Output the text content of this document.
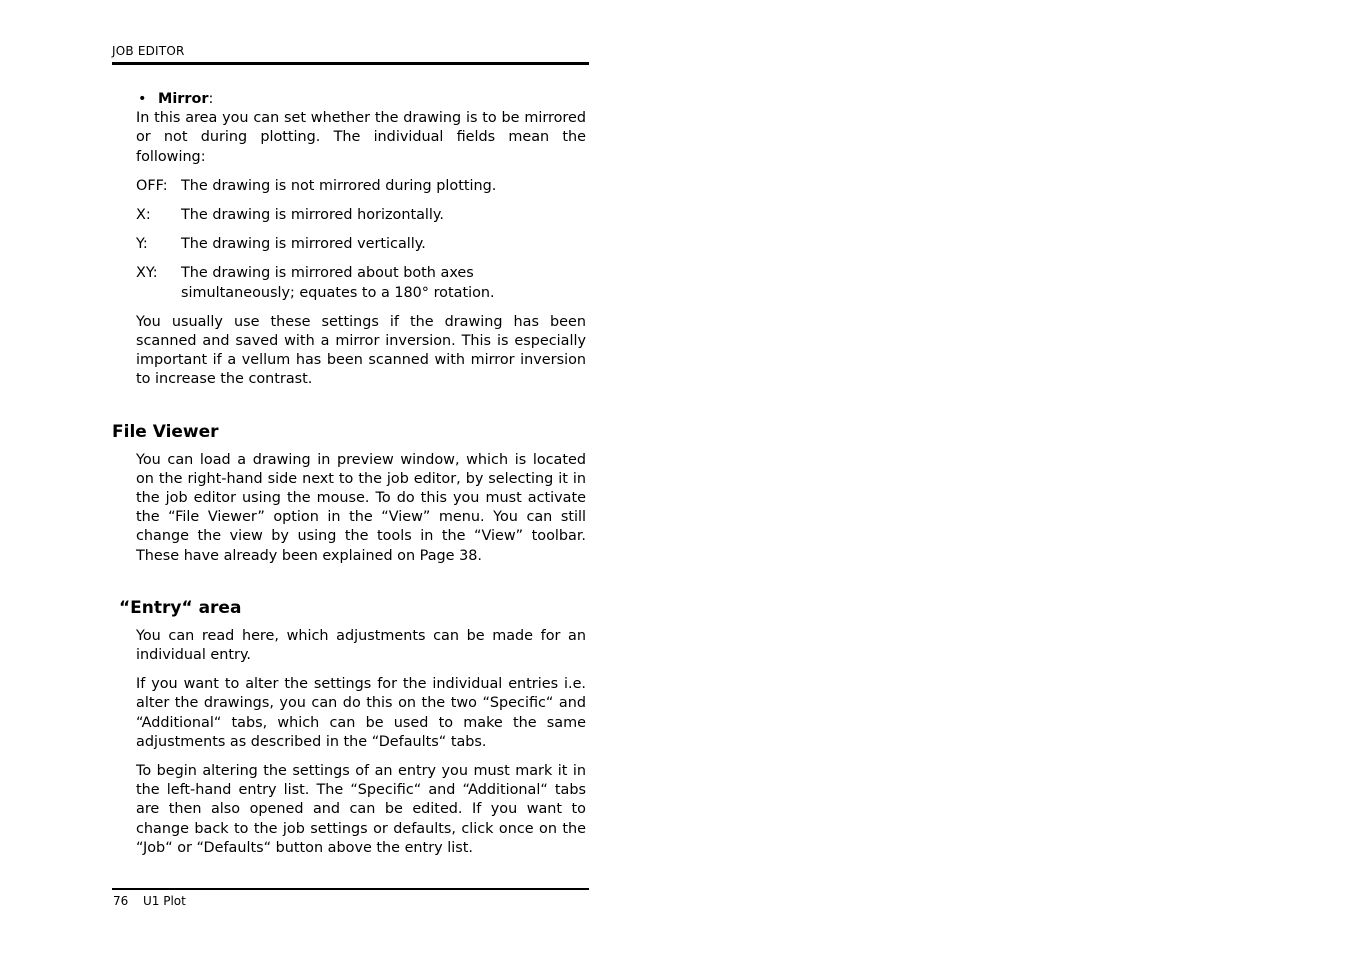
JOB EDITOR
• Mirror:

In this area you can set whether the drawing is to be mirrored or not during plotting. The individual fields mean the following:

OFF: The drawing is not mirrored during plotting.
X:	The drawing is mirrored horizontally.
Y:	The drawing is mirrored vertically.
XY:	The drawing is mirrored about both axes simultaneously; equates to a 180° rotation.

You usually use these settings if the drawing has been scanned and saved with a mirror inversion. This is especially important if a vellum has been scanned with mirror inversion to increase the contrast.

File Viewer

You can load a drawing in preview window, which is located on the right-hand side next to the job editor, by selecting it in the job editor using the mouse. To do this you must activate the “File Viewer” option in the “View” menu. You can still change the view by using the tools in the “View” toolbar. These have already been explained on Page 38.

“Entry“ area

You can read here, which adjustments can be made for an individual entry.

If you want to alter the settings for the individual entries i.e. alter the drawings, you can do this on the two “Specific“ and “Additional“ tabs, which can be used to make the same adjustments as described in the “Defaults“ tabs.

To begin altering the settings of an entry you must mark it in the left-hand entry list. The “Specific“ and “Additional“ tabs are then also opened and can be edited. If you want to change back to the job settings or defaults, click once on the “Job“ or “Defaults“ button above the entry list.

76 U1 Plot
